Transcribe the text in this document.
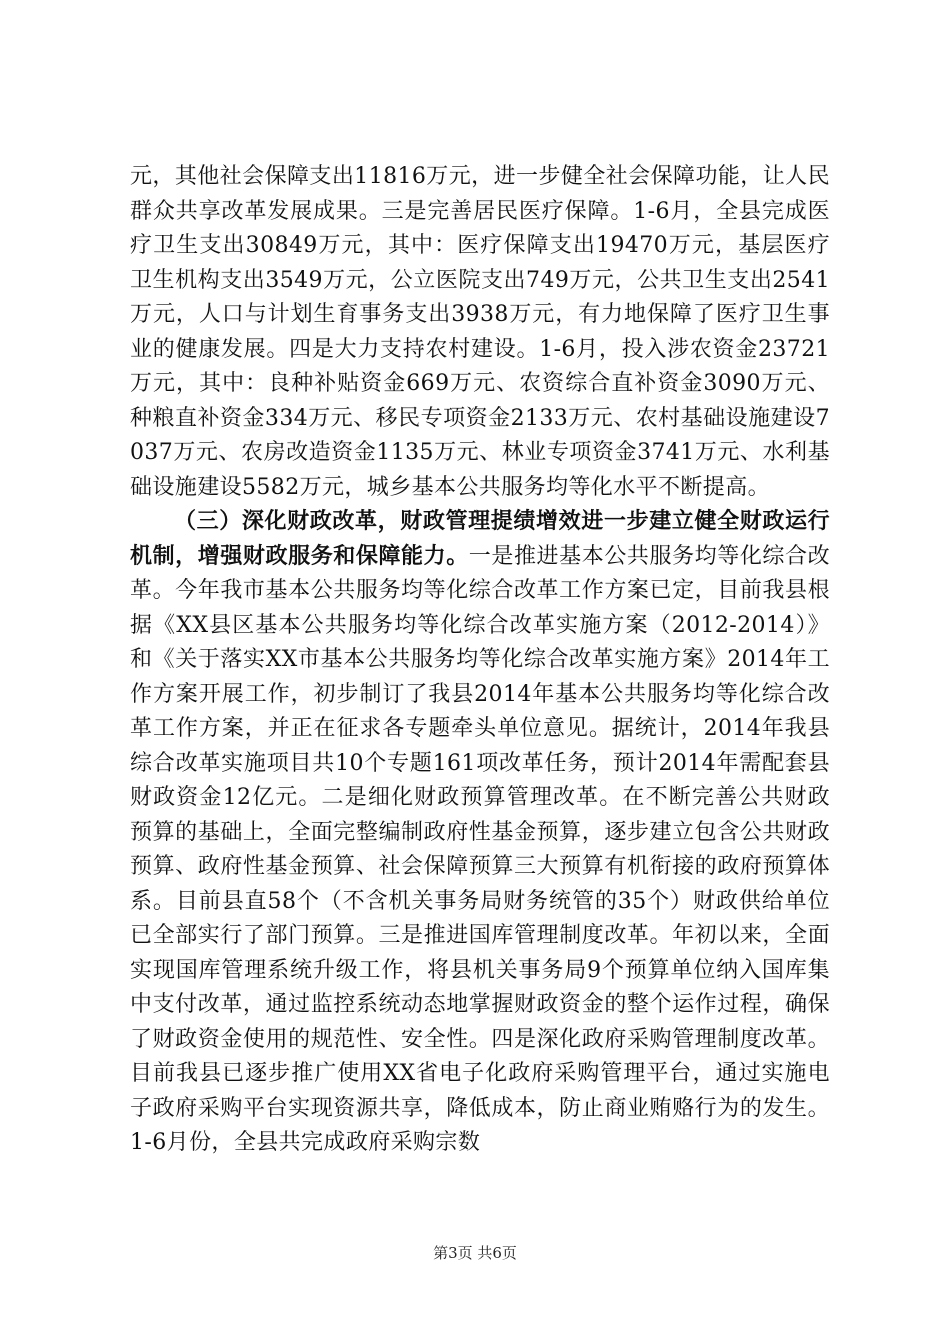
元，其他社会保障支出11816万元，进一步健全社会保障功能，让人民群众共享改革发展成果。三是完善居民医疗保障。1-6月，全县完成医疗卫生支出30849万元，其中：医疗保障支出19470万元，基层医疗卫生机构支出3549万元，公立医院支出749万元，公共卫生支出2541万元，人口与计划生育事务支出3938万元，有力地保障了医疗卫生事业的健康发展。四是大力支持农村建设。1-6月，投入涉农资金23721万元，其中：良种补贴资金669万元、农资综合直补资金3090万元、种粮直补资金334万元、移民专项资金2133万元、农村基础设施建设7037万元、农房改造资金1135万元、林业专项资金3741万元、水利基础设施建设5582万元，城乡基本公共服务均等化水平不断提高。

（三）深化财政改革，财政管理提绩增效进一步建立健全财政运行机制，增强财政服务和保障能力。一是推进基本公共服务均等化综合改革。今年我市基本公共服务均等化综合改革工作方案已定，目前我县根据《XX县区基本公共服务均等化综合改革实施方案（2012-2014）》和《关于落实XX市基本公共服务均等化综合改革实施方案》2014年工作方案开展工作，初步制订了我县2014年基本公共服务均等化综合改革工作方案，并正在征求各专题牵头单位意见。据统计，2014年我县综合改革实施项目共10个专题161项改革任务，预计2014年需配套县财政资金12亿元。二是细化财政预算管理改革。在不断完善公共财政预算的基础上，全面完整编制政府性基金预算，逐步建立包含公共财政预算、政府性基金预算、社会保障预算三大预算有机衔接的政府预算体系。目前县直58个（不含机关事务局财务统管的35个）财政供给单位已全部实行了部门预算。三是推进国库管理制度改革。年初以来，全面实现国库管理系统升级工作，将县机关事务局9个预算单位纳入国库集中支付改革，通过监控系统动态地掌握财政资金的整个运作过程，确保了财政资金使用的规范性、安全性。四是深化政府采购管理制度改革。目前我县已逐步推广使用XX省电子化政府采购管理平台，通过实施电子政府采购平台实现资源共享，降低成本，防止商业贿赂行为的发生。1-6月份，全县共完成政府采购宗数

第3页 共6页
